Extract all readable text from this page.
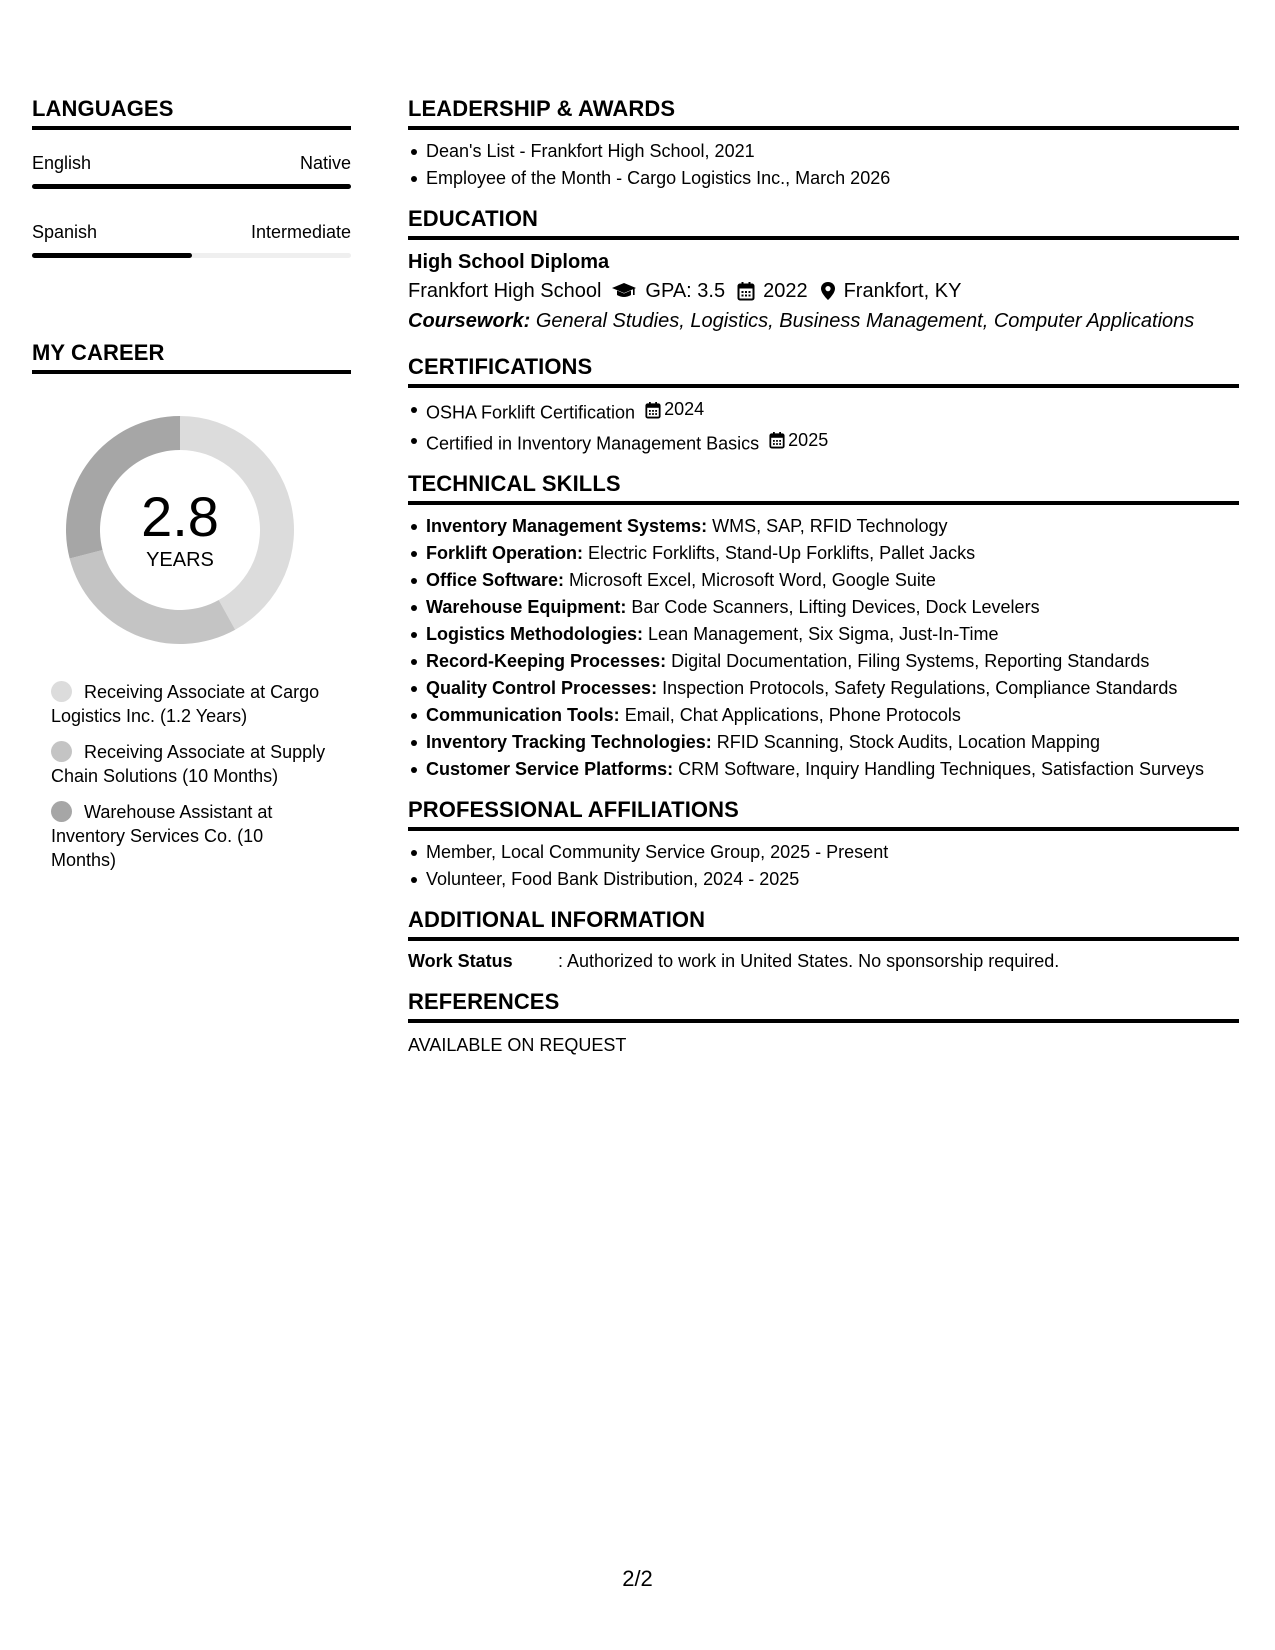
LANGUAGES
English	Native
Spanish	Intermediate
MY CAREER
2.8
YEARS
Receiving Associate at Cargo Logistics Inc. (1.2 Years)
Receiving Associate at Supply Chain Solutions (10 Months)
Warehouse Assistant at Inventory Services Co. (10 Months)
LEADERSHIP & AWARDS
Dean's List - Frankfort High School, 2021
Employee of the Month - Cargo Logistics Inc., March 2026
EDUCATION
High School Diploma
Frankfort High School GPA: 3.5 2022 Frankfort, KY
Coursework: General Studies, Logistics, Business Management, Computer Applications
CERTIFICATIONS
OSHA Forklift Certification 2024
Certified in Inventory Management Basics 2025
TECHNICAL SKILLS
Inventory Management Systems: WMS, SAP, RFID Technology
Forklift Operation: Electric Forklifts, Stand-Up Forklifts, Pallet Jacks
Office Software: Microsoft Excel, Microsoft Word, Google Suite
Warehouse Equipment: Bar Code Scanners, Lifting Devices, Dock Levelers
Logistics Methodologies: Lean Management, Six Sigma, Just-In-Time
Record-Keeping Processes: Digital Documentation, Filing Systems, Reporting Standards
Quality Control Processes: Inspection Protocols, Safety Regulations, Compliance Standards
Communication Tools: Email, Chat Applications, Phone Protocols
Inventory Tracking Technologies: RFID Scanning, Stock Audits, Location Mapping
Customer Service Platforms: CRM Software, Inquiry Handling Techniques, Satisfaction Surveys
PROFESSIONAL AFFILIATIONS
Member, Local Community Service Group, 2025 - Present
Volunteer, Food Bank Distribution, 2024 - 2025
ADDITIONAL INFORMATION
Work Status	: Authorized to work in United States. No sponsorship required.
REFERENCES
AVAILABLE ON REQUEST
2/2
